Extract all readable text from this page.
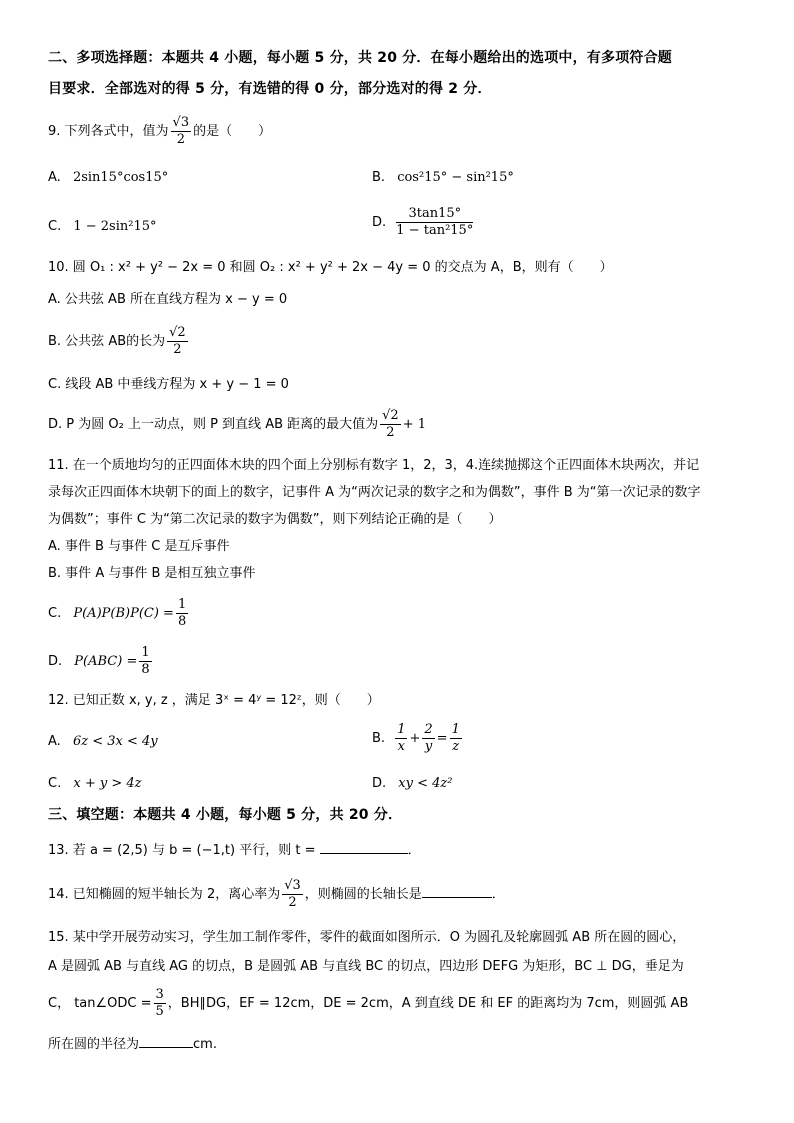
二、多项选择题：本题共 4 小题，每小题 5 分，共 20 分．在每小题给出的选项中，有多项符合题
目要求．全部选对的得 5 分，有选错的得 0 分，部分选对的得 2 分．
9. 下列各式中，值为 $\frac{√3}{2}$ 的是（　　）
A. 2sin15°cos15°	B. cos²15° − sin²15°
C. 1 − 2sin²15°	D. $\frac{3\tan 15^\circ}{\text{1 − tan²15°}}$
10. 圆 O₁ : x² + y² − 2x = 0 和圆 O₂ : x² + y² + 2x − 4y = 0 的交点为 A，B，则有（　　）
A. 公共弦 AB 所在直线方程为 x − y = 0
B. 公共弦 AB的长为 $\frac{√2}{2}$
C. 线段 AB 中垂线方程为 x + y − 1 = 0
D. P 为圆 O₂ 上一动点，则 P 到直线 AB 距离的最大值为 $\frac{√2}{2} + 1$
11. 在一个质地均匀的正四面体木块的四个面上分别标有数字 1，2，3，4.连续抛掷这个正四面体木块两次，并记
录每次正四面体木块朝下的面上的数字，记事件 A 为“两次记录的数字之和为偶数”，事件 B 为“第一次记录的数字
为偶数”；事件 C 为“第二次记录的数字为偶数”，则下列结论正确的是（　　）
A. 事件 B 与事件 C 是互斥事件
B. 事件 A 与事件 B 是相互独立事件
C. $P(A)P(B)P(C) = \frac{1}{8}$
D. $P(ABC) = \frac{1}{8}$
12. 已知正数 x, y, z ，满足 3ˣ = 4ʸ = 12ᶻ，则（　　）
A. 6z < 3x < 4y	B. $\frac{1}{x} + \frac{2}{y} = \frac{1}{z}$
C. x + y > 4z	D. xy < 4z²
三、填空题：本题共 4 小题，每小题 5 分，共 20 分．
13. 若 a = (2,5) 与 b = (−1,t) 平行，则 t =	．
14. 已知椭圆的短半轴长为 2，离心率为 $\frac{√3}{2}$ ，则椭圆的长轴长是	．
15. 某中学开展劳动实习，学生加工制作零件，零件的截面如图所示．O 为圆孔及轮廓圆弧 AB 所在圆的圆心，
A 是圆弧 AB 与直线 AG 的切点，B 是圆弧 AB 与直线 BC 的切点，四边形 DEFG 为矩形，BC ⊥ DG，垂足为
C， tan∠ODC = $\frac{3}{5}$ ，BH∥DG，EF = 12cm，DE = 2cm，A 到直线 DE 和 EF 的距离均为 7cm，则圆弧 AB
所在圆的半径为	cm.
